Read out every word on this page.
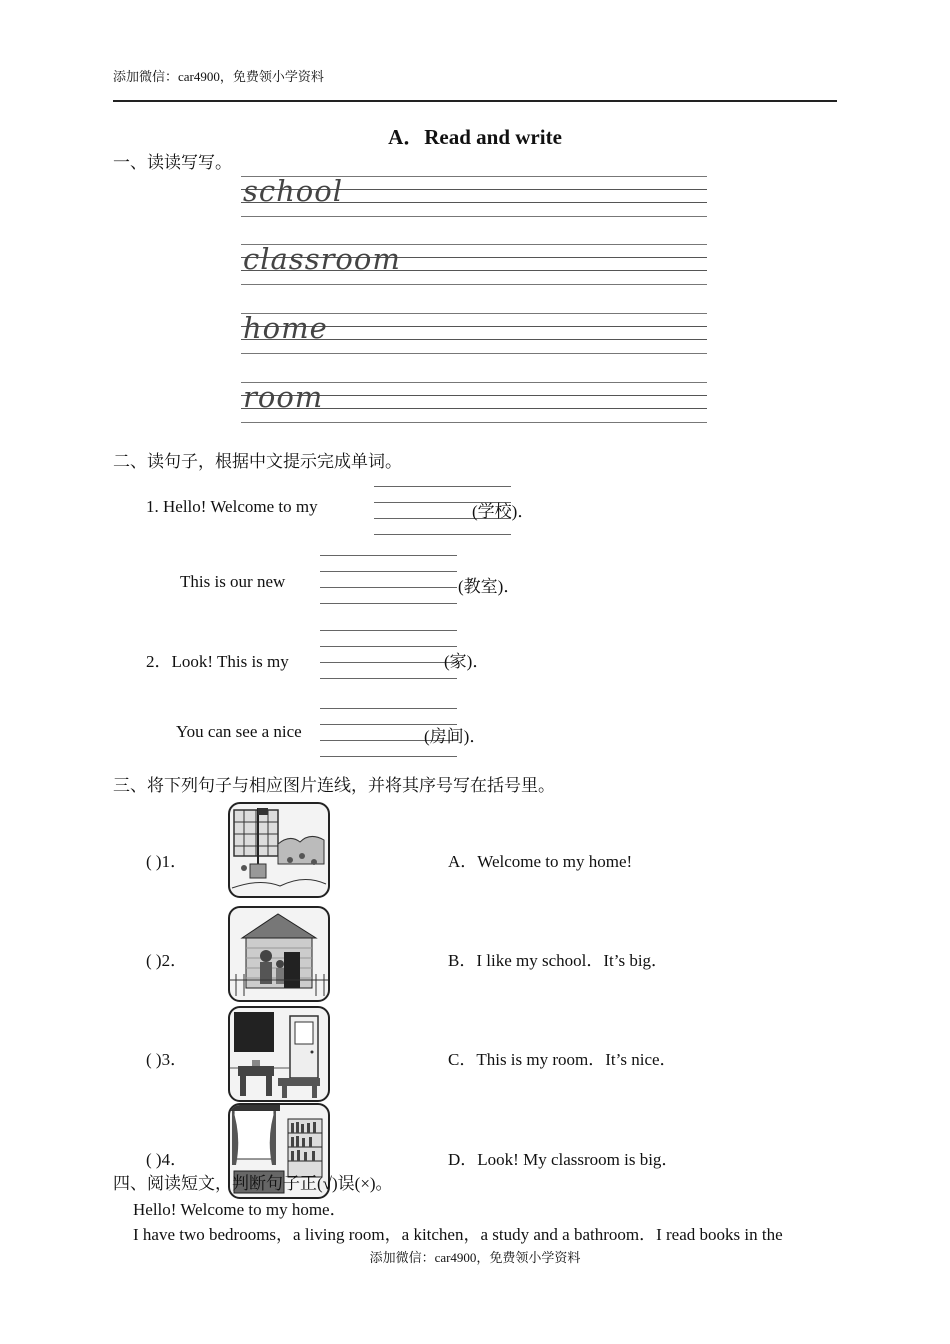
添加微信：car4900，免费领小学资料
A．Read and write
一、读读写写。
school
classroom
home
room
二、读句子，根据中文提示完成单词。
1. Hello! Welcome to my	(学校)．
This is our new	(教室)．
2．Look! This is my	(家)．
You can see a nice	(房间)．
三、将下列句子与相应图片连线，并将其序号写在括号里。
( )1．	A．Welcome to my home!
( )2．	B．I like my school．It’s big．
( )3．	C．This is my room．It’s nice．
( )4．	D．Look! My classroom is big．
四、阅读短文，判断句子正(√)误(×)。
Hello! Welcome to my home．
I have two bedrooms，a living room，a kitchen，a study and a bathroom．I read books in the
添加微信：car4900，免费领小学资料
